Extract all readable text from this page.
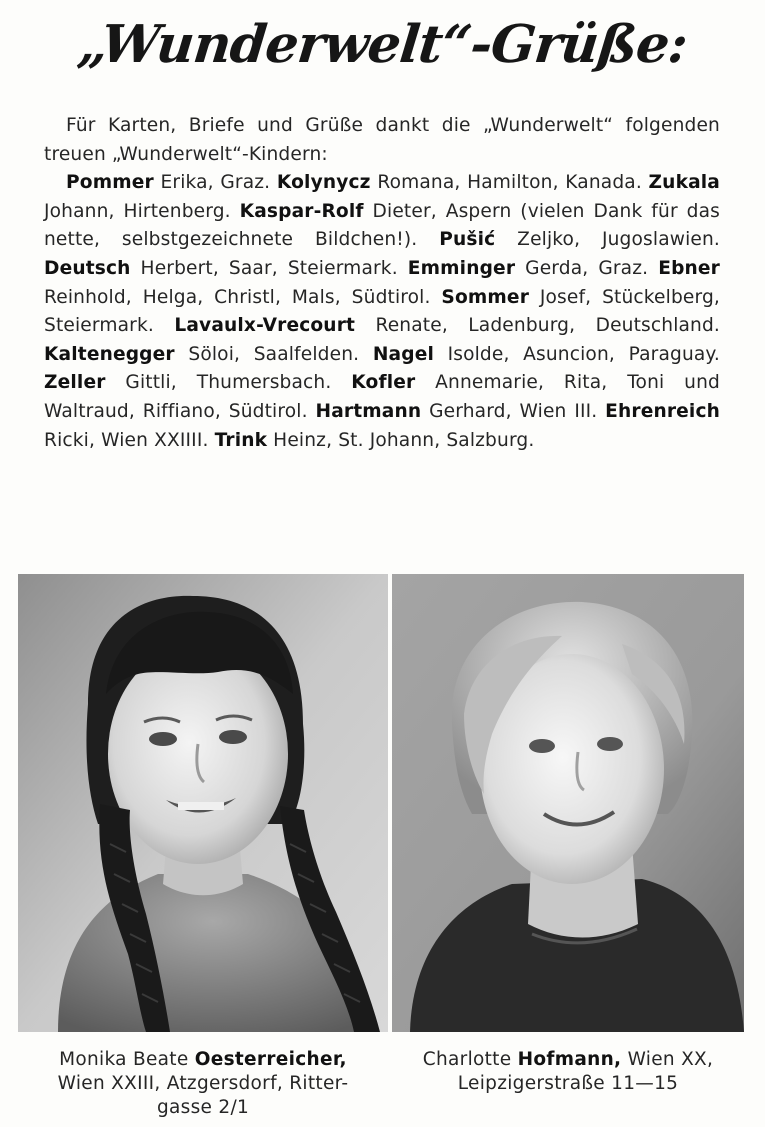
„Wunderwelt“-Grüße:

Für Karten, Briefe und Grüße dankt die „Wunderwelt“ folgenden treuen „Wunderwelt“-Kindern:

Pommer Erika, Graz. Kolynycz Romana, Hamilton, Kanada. Zukala Johann, Hirtenberg. Kaspar-Rolf Dieter, Aspern (vielen Dank für das nette, selbstgezeichnete Bildchen!). Pušić Zeljko, Jugoslawien. Deutsch Herbert, Saar, Steiermark. Emminger Gerda, Graz. Ebner Reinhold, Helga, Christl, Mals, Südtirol. Sommer Josef, Stückelberg, Steiermark. Lavaulx-Vrecourt Renate, Ladenburg, Deutschland. Kaltenegger Söloi, Saalfelden. Nagel Isolde, Asuncion, Paraguay. Zeller Gittli, Thumersbach. Kofler Annemarie, Rita, Toni und Waltraud, Riffiano, Südtirol. Hartmann Gerhard, Wien III. Ehrenreich Ricki, Wien XXIIII. Trink Heinz, St. Johann, Salzburg.

Monika Beate Oesterreicher,
Wien XXIII, Atzgersdorf, Ritter-
gasse 2/1
Charlotte Hofmann, Wien XX,
Leipzigerstraße 11—15
